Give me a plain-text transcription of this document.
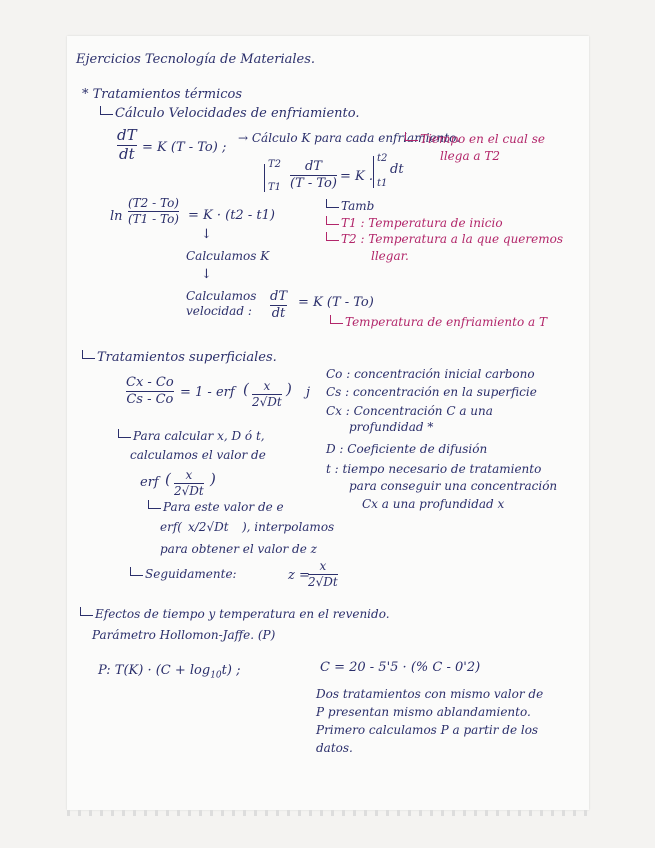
Ejercicios Tecnología de Materiales.
* Tratamientos térmicos
Cálculo Velocidades de enfriamiento.
dT
dt = K (T - To) ;
→ Cálculo K para cada enfriamiento.
Tiempo en el cual se
llega a T2
T2
T1
dT
(T - To) = K .
t2
t1
dt
ln
(T2 - To)
(T1 - To) = K · (t2 - t1)
Tamb
T1 : Temperatura de inicio
T2 : Temperatura a la que queremos
llegar.
↓
Calculamos K
↓
Calculamos
velocidad :
dT
dt
= K (T - To)
Temperatura de enfriamiento a T
Tratamientos superficiales.
Cx - Co
Cs - Co = 1 - erf ( x
2√Dt
) j
Co : concentración inicial carbono
Cs : concentración en la superficie
Cx : Concentración C a una
profundidad *
D : Coeficiente de difusión
t : tiempo necesario de tratamiento
para conseguir una concentración
Cx a una profundidad x
Para calcular x, D ó t,
calculamos el valor de
erf ( x
2√Dt
)
Para este valor de e
erf( x/2√Dt ), interpolamos
para obtener el valor de z
Seguidamente:	z =
x
2√Dt
Efectos de tiempo y temperatura en el revenido.
Parámetro Hollomon-Jaffe. (P)
P: $T(K) \cdot (C + \log_{10}t)$ ;	C = 20 - 5'5 · (% C - 0'2)
Dos tratamientos con mismo valor de
P presentan mismo ablandamiento.
Primero calculamos P a partir de los
datos.
